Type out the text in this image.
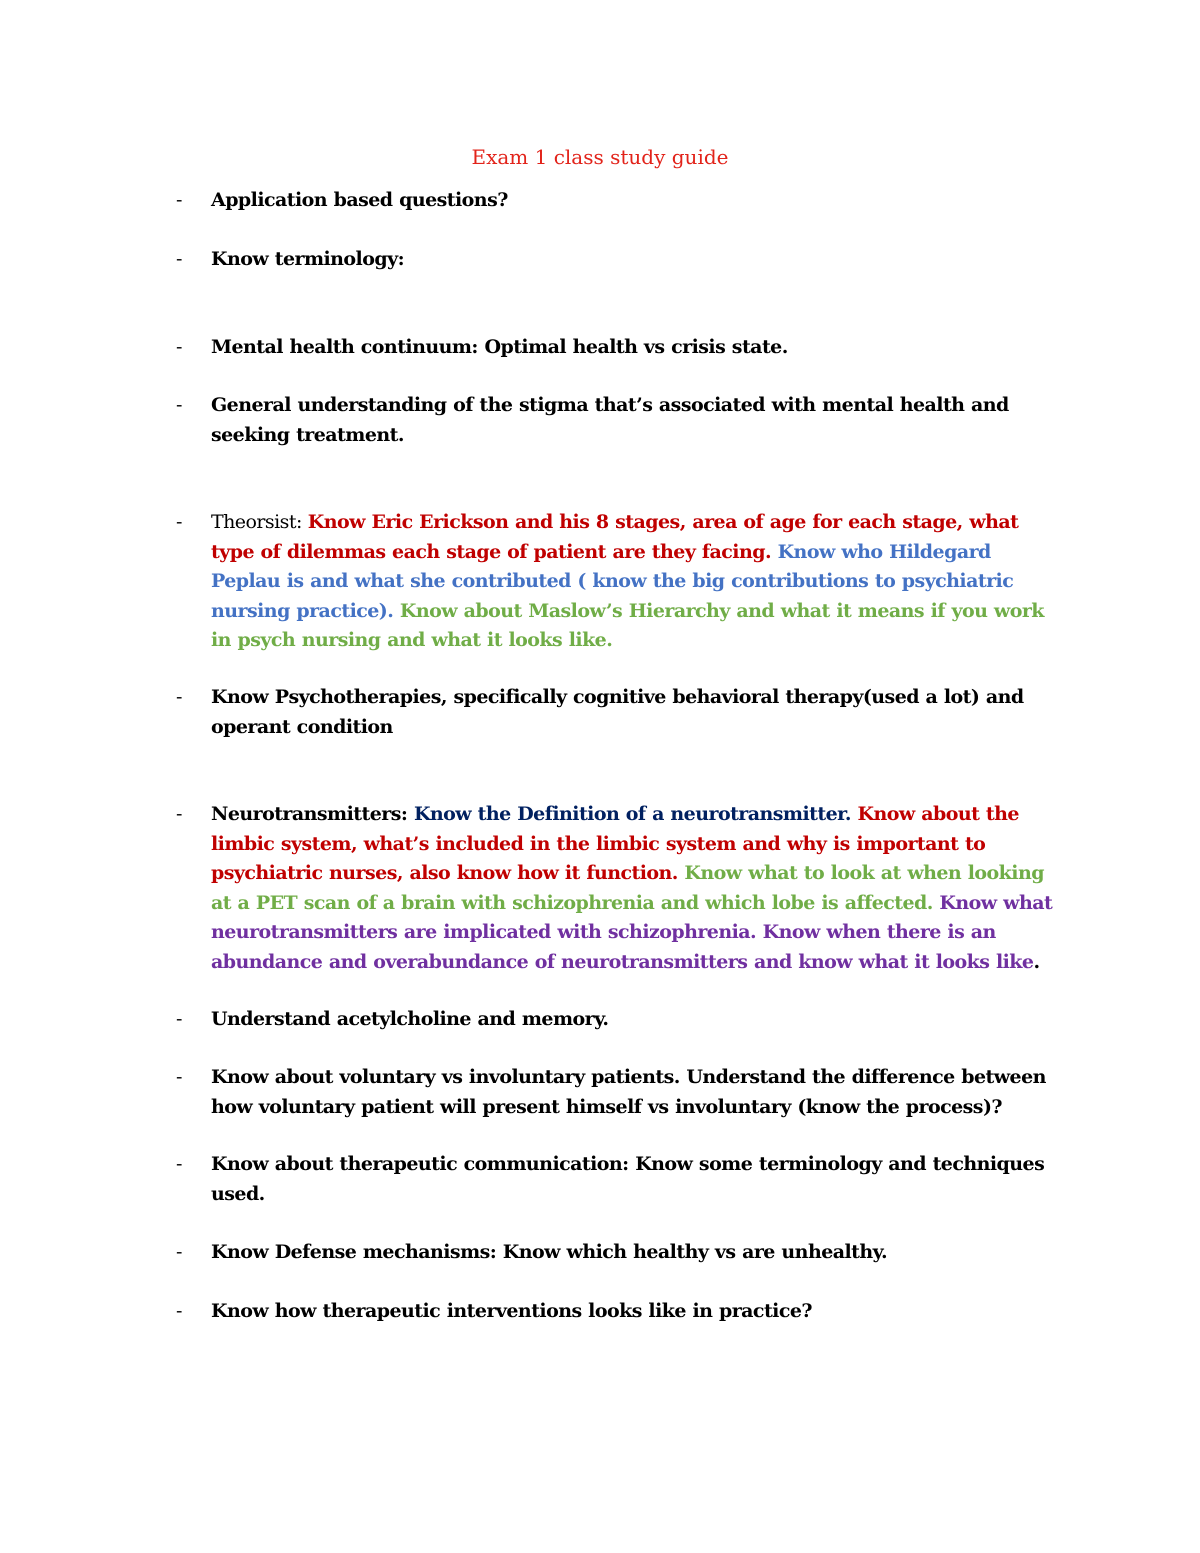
Exam 1 class study guide
- Application based questions?
- Know terminology:
- Mental health continuum: Optimal health vs crisis state.
- General understanding of the stigma that’s associated with mental health and seeking treatment.
- Theorsist: Know Eric Erickson and his 8 stages, area of age for each stage, what type of dilemmas each stage of patient are they facing. Know who Hildegard Peplau is and what she contributed ( know the big contributions to psychiatric nursing practice). Know about Maslow’s Hierarchy and what it means if you work in psych nursing and what it looks like.
- Know Psychotherapies, specifically cognitive behavioral therapy(used a lot) and operant condition
- Neurotransmitters: Know the Definition of a neurotransmitter. Know about the limbic system, what’s included in the limbic system and why is important to psychiatric nurses, also know how it function. Know what to look at when looking at a PET scan of a brain with schizophrenia and which lobe is affected. Know what neurotransmitters are implicated with schizophrenia. Know when there is an abundance and overabundance of neurotransmitters and know what it looks like.
- Understand acetylcholine and memory.
- Know about voluntary vs involuntary patients. Understand the difference between how voluntary patient will present himself vs involuntary (know the process)?
- Know about therapeutic communication: Know some terminology and techniques used.
- Know Defense mechanisms: Know which healthy vs are unhealthy.
- Know how therapeutic interventions looks like in practice?
